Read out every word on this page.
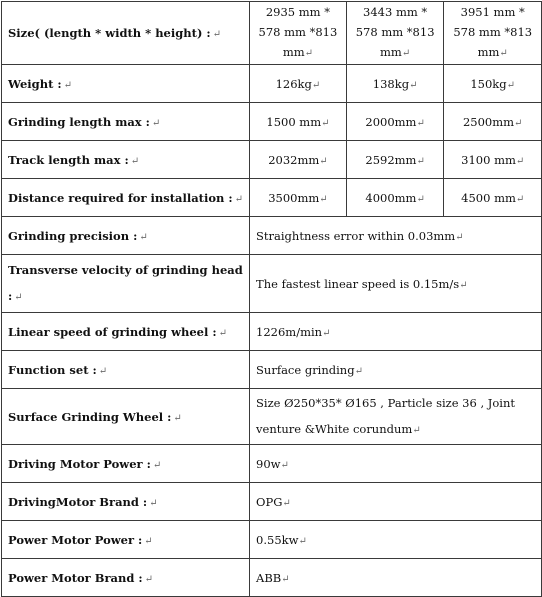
Size( (length * width * height) : ↵	2935 mm * 578 mm *813 mm↵	3443 mm * 578 mm *813 mm↵	3951 mm * 578 mm *813 mm↵
Weight : ↵	126kg↵	138kg↵	150kg↵
Grinding length max : ↵	1500 mm↵	2000mm↵	2500mm↵
Track length max : ↵	2032mm↵	2592mm↵	3100 mm↵
Distance required for installation : ↵	3500mm↵	4000mm↵	4500 mm↵
Grinding precision : ↵	Straightness error within 0.03mm↵		
Transverse velocity of grinding head : ↵	The fastest linear speed is 0.15m/s↵		
Linear speed of grinding wheel : ↵	1226m/min↵		
Function set : ↵	Surface grinding↵		
Surface Grinding Wheel : ↵	Size Ø250*35* Ø165 , Particle size 36 , Joint venture &White corundum↵		
Driving Motor Power : ↵	90w↵		
DrivingMotor Brand : ↵	OPG↵		
Power Motor Power : ↵	0.55kw↵		
Power Motor Brand : ↵	ABB↵		
